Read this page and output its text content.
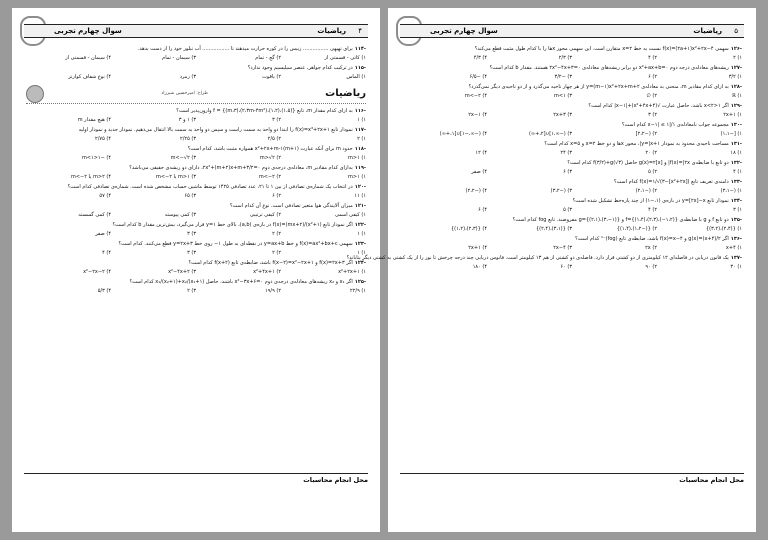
۴
ریاضیات
سوال چهارم تجربی
-۱۱۴برای تهیهی ................ زیبس را در کوره حرارت میدهند تا ................. آب تبلور خود را از دست بدهد.
۱) کاتی - قسمتی از
۲) گچ - تمام
۳) سیمان - تمام
۴) سیمان - قسمتی از
-۱۱۵در ترکیب کدام جواهر، عنصر سیلیسیم وجود ندارد؟
۱) الماس
۲) یاقوت
۳) زمرد
۴) نوع شفاف کوارتز
ریاضیات
طراح: امیرحسین شیرزاد
-۱۱۶به ازای کدام مقدار m، تابع {(۱،۵)،(۱،۲)،(۲،۳m‑۴m²)،(m،۳)} = f وارون‌پذیر است؟
۱) ۱
۲) ۳
۳) ۱ و ۳
۴) هیچ مقدار m
-۱۱۷نمودار تابع f(x)=x³+۲x+۱ را ابتدا دو واحد به سمت راست و سپس دو واحد به سمت بالا انتقال می‌دهیم. نمودار جدید و نمودار اولیه
۱) ۲
۲) ۲/۵
۳) ۲/۲۵
۴) ۲/۷۵
-۱۱۸حدود m برای آنکه عبارت (m+۱)x²+۲x+m‑۱ همواره مثبت باشد، کدام است؟
۱) m>۱
۲) m>√۲
۳) m<−√۲
۴) −۱<m<۱
-۱۱۹به‌ازای کدام مقادیر m، معادله‌ی درجه‌ی دوم ۲x²+(m+۲)x+m+۳/۲=۰، دارای دو ریشه‌ی حقیقی می‌باشد؟
۱) m>۱
۲) m<−۲
۳) m>۱ یا m<−۲
۴) m>۲ یا m<−۲
-۱۲۰در انتخاب یک شماره‌ی تصادفی از بین ۱ تا ۲۱، عدد تصادفی ۱۴۲۵ توسط ماشین حساب مشخص شده است. شماره‌ی تصادفی کدام است؟
۱) ۱۱
۲) ۶
۳) ۶۵
۴) ۵۷
-۱۲۱میزان آلایندگی هوا متغیر تصادفی است. نوع آن کدام است؟
۱) کیفی اسمی
۲) کیفی ترتیبی
۳) کمی پیوسته
۴) کمی گسسته
-۱۲۲اگر نمودار تابع f(x)=(mx+۲)/(x²+۱) در بازه‌ی (a,b)، بالای خط y=۱ قرار می‌گیرد، بیش‌ترین مقدار b کدام است؟
۱) ۱
۲) ۲
۳) ۳
۴) صفر
-۱۲۳سهمی f(x)=ax²+bx+c و خط y=ax+b در نقطه‌ای به طول ۱− روی خط y=۲x+۳ قطع می‌کنند. کدام است؟
۱) ۱
۲) ۲
۳) ۳
۴) ۴
-۱۲۴اگر f(x)=۲x+۳ و f(x−۲)=x²−۲x+۱ باشد، ضابطه‌ی تابع f(x+۲) کدام است؟
۱) x²+۲x+۱
۲) x²+۴x+۱
۳) x²−۴x+۲
۴) x²−۲x−۲
-۱۲۵اگر x₁ و x₂ ریشه‌های معادله‌ی درجه‌ی دوم x²−۳x+۶=۰ باشند، حاصل x₁/(x₂+۱)+x₂/(x₁+۱) کدام است؟
۱) ۲۲/۹
۲) ۱۹/۹
۳) ۲
۴) ۵/۳
محل انجام محاسبات
۵
ریاضیات
سوال چهارم تجربی
-۱۲۶سهمی f(x)=(۲a+۱)x²+۲x−۴ نسبت به خط x=۲ متقارن است. این سهمی محور x‌ها را با کدام طول مثبت قطع می‌کند؟
۱) ۲
۲) ۴
۳) ۲/۳
۴) ۴/۳
-۱۲۷ریشه‌های معادله‌ی درجه دوم x²+ax+b=۰ دو برابر ریشه‌های معادله‌ی ۲x²−۴x+۳=۰ هستند. مقدار b کدام است؟
۱) ۳/۲
۲) ۶
۳) −۳/۲
۴) −۶/۵
-۱۲۸به ازای کدام مقادیر m، منحنی به معادله‌ی y=(m−۱)x²+۲x+m+۲ از هر چهار ناحیه می‌گذرد و از دو ناحیه‌ی دیگر نمی‌گذرد؟
۱) ℝ
۲) ∅
۳) m<۱
۴) m<−۲
-۱۲۹اگر ۱<x<۲ باشد، حاصل عبارت √(x²+۴x+۴)+|x−۱| کدام است؟
۱) ۲x+۱
۲) ۳
۳) ۲x+۳
۴) ۲x−۱
-۱۳۰مجموعه جواب نامعادله‌ی ۱/|x−۱| ≤ ۱ کدام است؟
۱) [−۱،۱)
۲) (−۲،۲]
۳) (−∞،۱]∪[۲،+∞)
۴) (−∞،−۱]∪[۱،+∞)
-۱۳۱مساحت ناحیه‌ی محدود به نمودار y=|x+۱|، محور x‌ها و دو خط x=۲ و x=۵ کدام است؟
۱) ۱۸
۲) ۲۰
۳) ۲۴
۴) ۱۲
-۱۳۲دو تابع با ضابطه‌ی f(x)=|۲x| و g(x)=۲[x] حاصل f(۳/۲)+g(√۳) کدام است؟
۱) ۴
۲) ۵
۳) ۶
۴) صفر
-۱۳۳دامنه‌ی تعریف تابع f(x)=۱/√(۳−[x²+۲x]) کدام است؟
۱) (−۳،۱)
۲) (−۲،۱)
۳) (−۳،۲)
۴) (−۲،۲)
-۱۳۴نمودار تابع y=[۲x]−x در بازه‌ی (۱،−۱) از چند پاره‌خط تشکیل شده است؟
۱) ۳
۲) ۴
۳) ۵
۴) ۶
-۱۳۵دو تابع f و g با ضابطه‌ی f={(۱،۴)،(۲،۳)،(−۱،۲)} و g={(۲،۱)،(۳،−۱)} مفروضند. تابع fog کدام است؟
۱) {(۲،۴)،(۳،۲)}
۲) {(−۱،۲)،(۱،۴)}
۳) {(۳،۱)،(۲،۴)}
۴) {(۲،۳)،(۱،۲)}
-۱۳۶اگر g(x)=(x+۴)/۲ و f(x)=x−۴ باشد، ضابطه‌ی تابع (fog)⁻¹ کدام است؟
۱) x+۴
۲) ۲x
۳) ۲x−۴
۴) ۲x+۱
-۱۳۷یک قانون دریایی در فاصله‌ای ۱۲ کیلومتری از دو کشتی قرار دارد. فاصله‌ی دو کشتی از هم ۱۳ کیلومتر است. فانوس دریایی چند درجه چرخش تا نور را از یک کشتی به کشتی دیگر بتاباند؟
۱) ۳۰
۲) ۹۰
۳) ۶۰
۴) ۱۸۰
محل انجام محاسبات
